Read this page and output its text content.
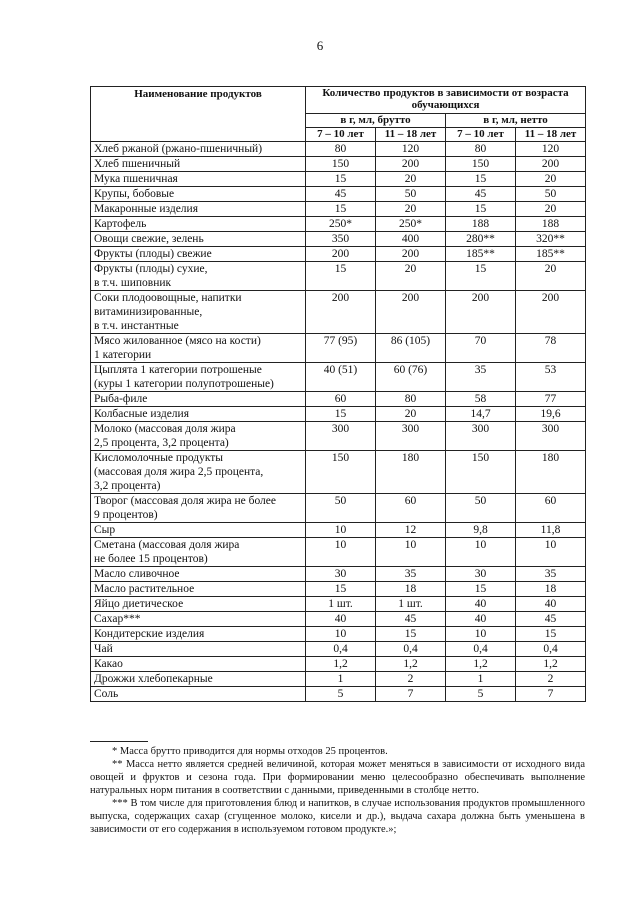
6
Наименование продуктов	Количество продуктов в зависимости от возраста обучающихся			
	в г, мл, брутто		в г, мл, нетто	
	7 – 10 лет	11 – 18 лет	7 – 10 лет	11 – 18 лет
Хлеб ржаной (ржано-пшеничный)	80	120	80	120
Хлеб пшеничный	150	200	150	200
Мука пшеничная	15	20	15	20
Крупы, бобовые	45	50	45	50
Макаронные изделия	15	20	15	20
Картофель	250*	250*	188	188
Овощи свежие, зелень	350	400	280**	320**
Фрукты (плоды) свежие	200	200	185**	185**
Фрукты (плоды) сухие,
в т.ч. шиповник	15	20	15	20
Соки плодоовощные, напитки
витаминизированные,
в т.ч. инстантные	200	200	200	200
Мясо жилованное (мясо на кости)
1 категории	77 (95)	86 (105)	70	78
Цыплята 1 категории потрошеные
(куры 1 категории полупотрошеные)	40 (51)	60 (76)	35	53
Рыба-филе	60	80	58	77
Колбасные изделия	15	20	14,7	19,6
Молоко (массовая доля жира
2,5 процента, 3,2 процента)	300	300	300	300
Кисломолочные продукты
(массовая доля жира 2,5 процента,
3,2 процента)	150	180	150	180
Творог (массовая доля жира не более
9 процентов)	50	60	50	60
Сыр	10	12	9,8	11,8
Сметана (массовая доля жира
не более 15 процентов)	10	10	10	10
Масло сливочное	30	35	30	35
Масло растительное	15	18	15	18
Яйцо диетическое	1 шт.	1 шт.	40	40
Сахар***	40	45	40	45
Кондитерские изделия	10	15	10	15
Чай	0,4	0,4	0,4	0,4
Какао	1,2	1,2	1,2	1,2
Дрожжи хлебопекарные	1	2	1	2
Соль	5	7	5	7

* Масса брутто приводится для нормы отходов 25 процентов.

** Масса нетто является средней величиной, которая может меняться в зависимости от исходного вида овощей и фруктов и сезона года. При формировании меню целесообразно обеспечивать выполнение натуральных норм питания в соответствии с данными, приведенными в столбце нетто.

*** В том числе для приготовления блюд и напитков, в случае использования продуктов промышленного выпуска, содержащих сахар (сгущенное молоко, кисели и др.), выдача сахара должна быть уменьшена в зависимости от его содержания в используемом готовом продукте.»;
